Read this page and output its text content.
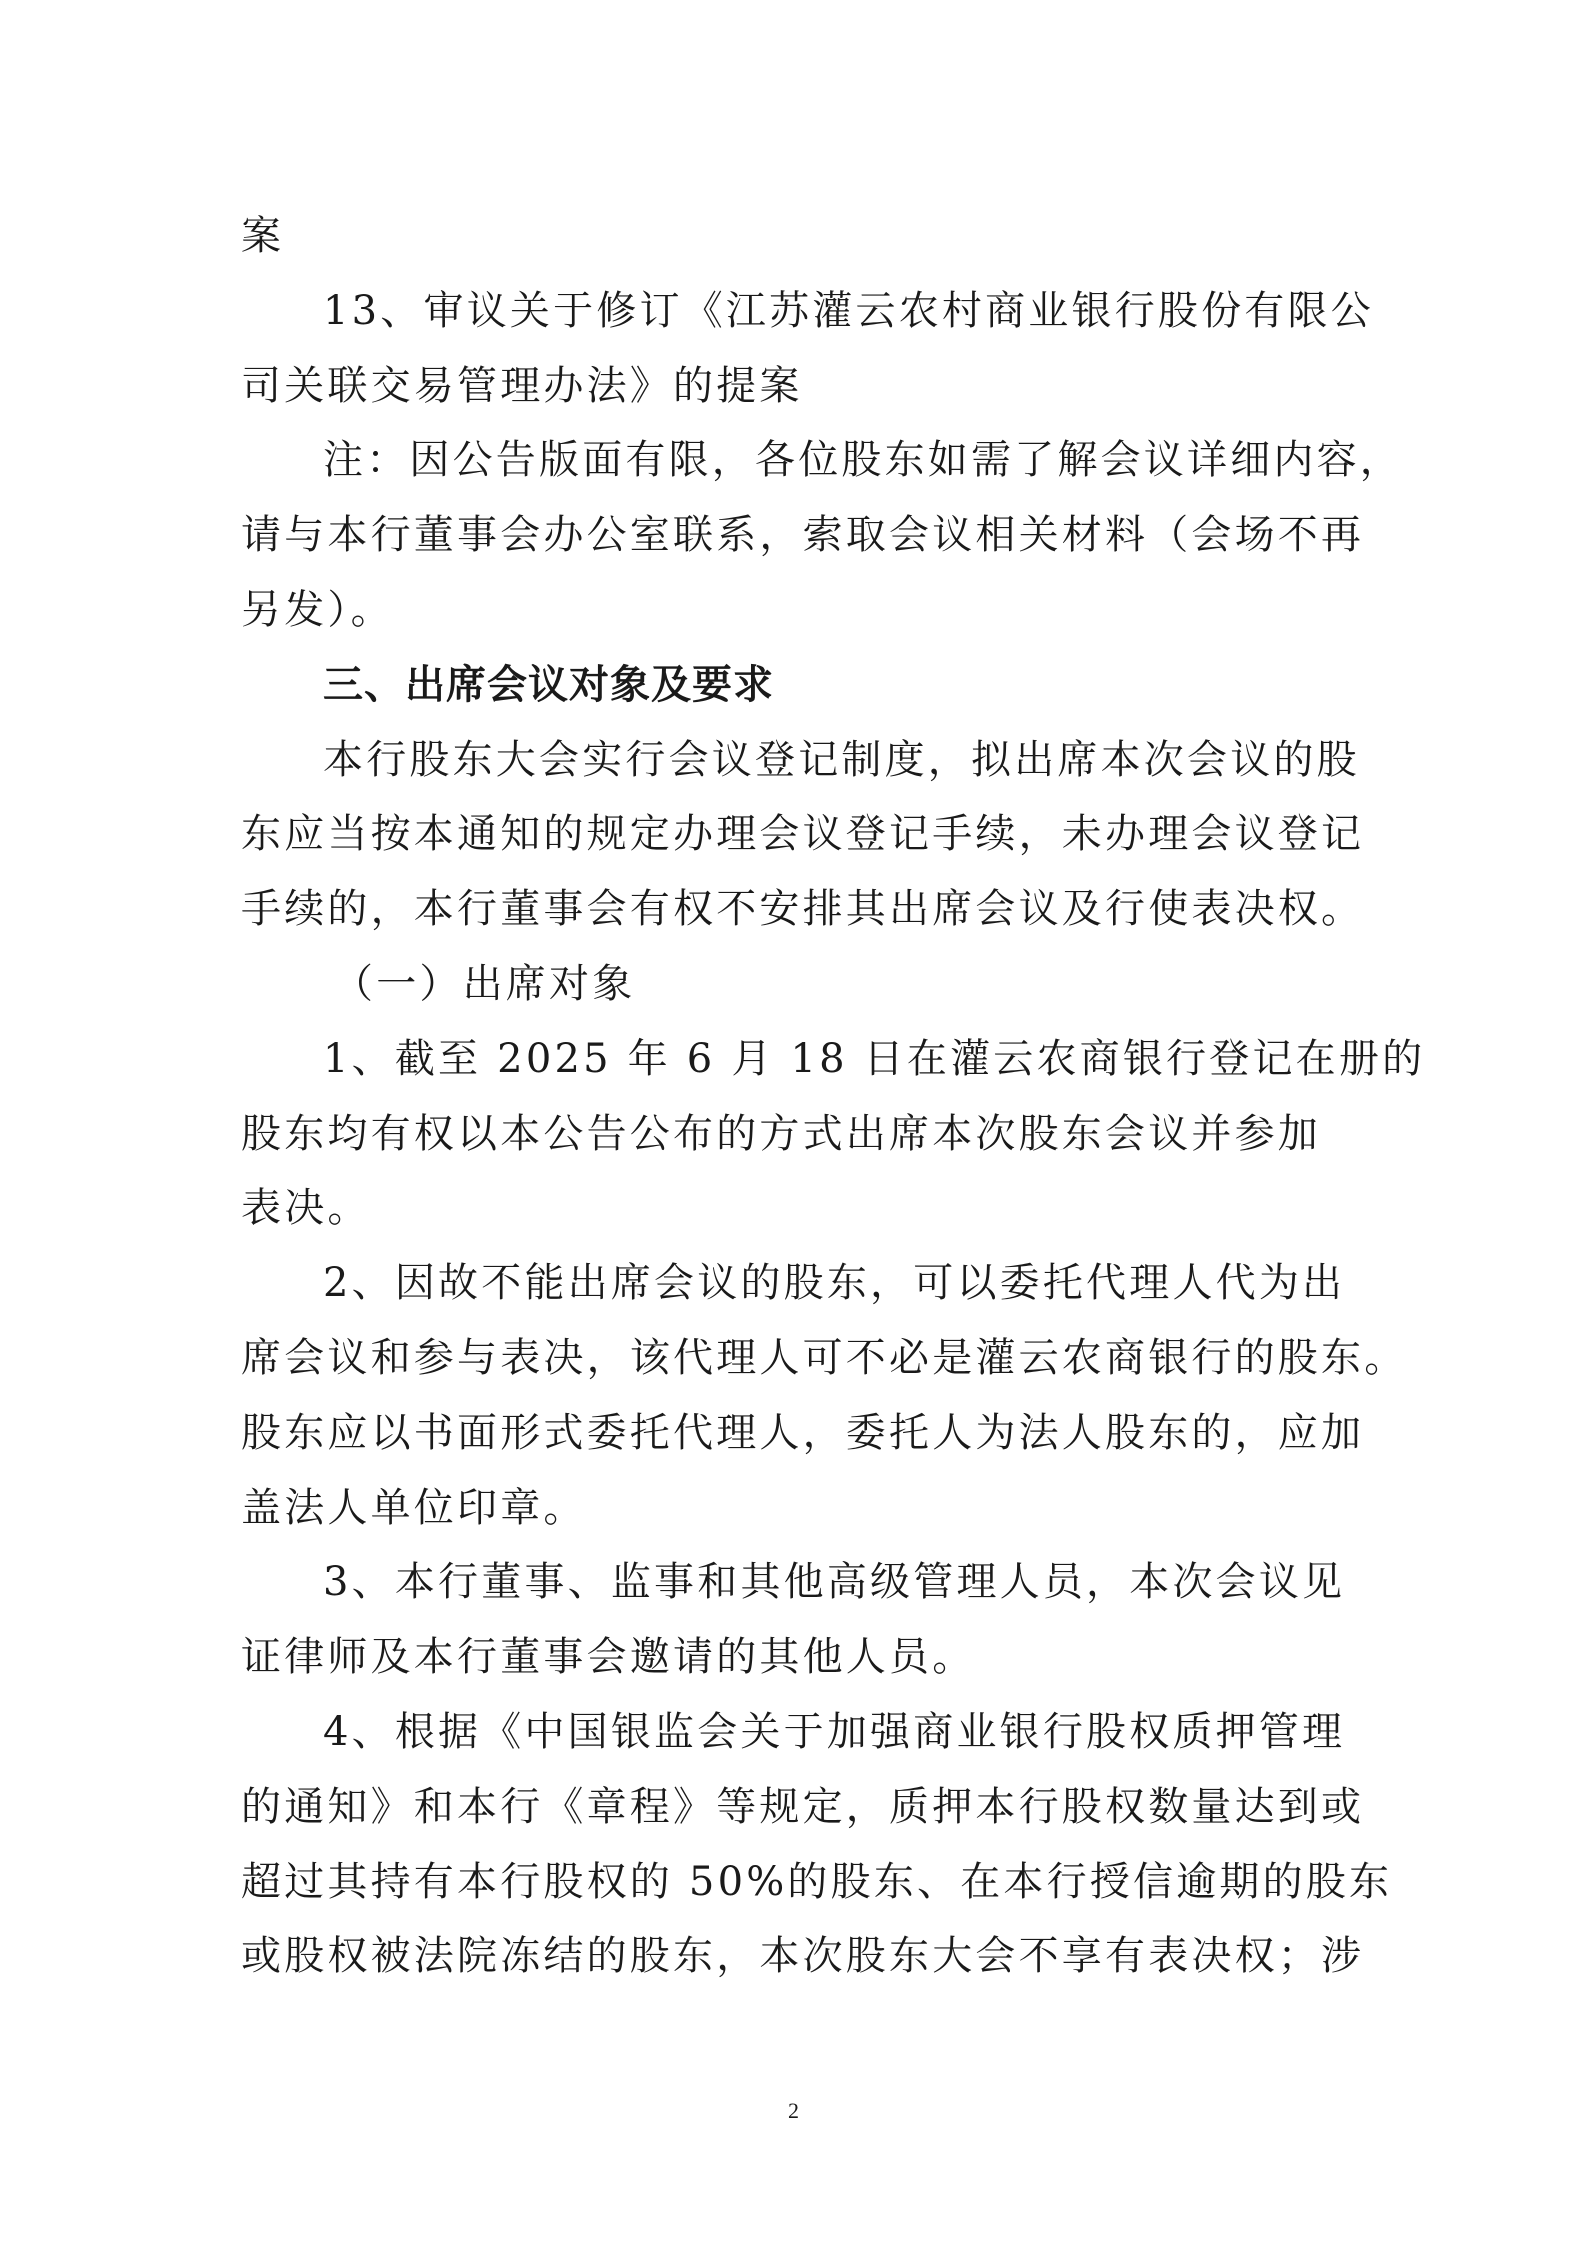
案
13、审议关于修订《江苏灌云农村商业银行股份有限公
司关联交易管理办法》的提案
注：因公告版面有限，各位股东如需了解会议详细内容，
请与本行董事会办公室联系，索取会议相关材料（会场不再
另发）。
三、出席会议对象及要求
本行股东大会实行会议登记制度，拟出席本次会议的股
东应当按本通知的规定办理会议登记手续，未办理会议登记
手续的，本行董事会有权不安排其出席会议及行使表决权。
（一）出席对象
1、截至 2025 年 6 月 18 日在灌云农商银行登记在册的
股东均有权以本公告公布的方式出席本次股东会议并参加
表决。
2、因故不能出席会议的股东，可以委托代理人代为出
席会议和参与表决，该代理人可不必是灌云农商银行的股东。
股东应以书面形式委托代理人，委托人为法人股东的，应加
盖法人单位印章。
3、本行董事、监事和其他高级管理人员，本次会议见
证律师及本行董事会邀请的其他人员。
4、根据《中国银监会关于加强商业银行股权质押管理
的通知》和本行《章程》等规定，质押本行股权数量达到或
超过其持有本行股权的 50%的股东、在本行授信逾期的股东
或股权被法院冻结的股东，本次股东大会不享有表决权；涉
2
